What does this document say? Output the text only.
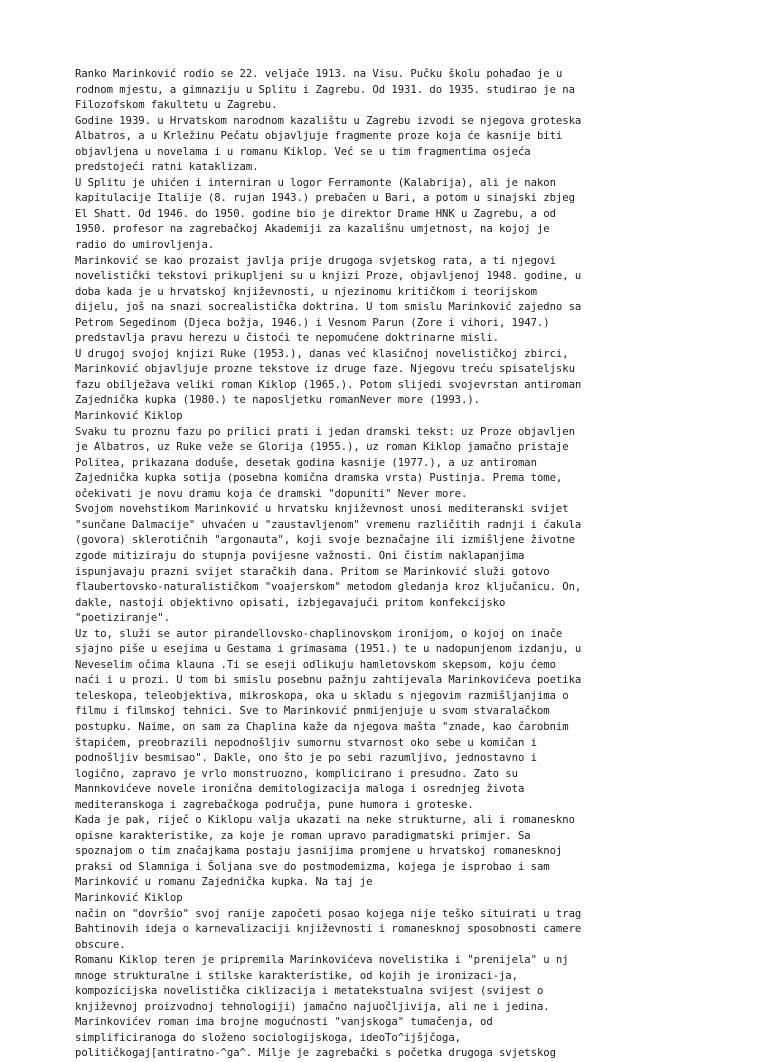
Ranko Marinković rodio se 22. veljače 1913. na Visu. Pučku školu pohađao je u
rodnom mjestu, a gimnaziju u Splitu i Zagrebu. Od 1931. do 1935. studirao je na
Filozofskom fakultetu u Zagrebu.
Godine 1939. u Hrvatskom narodnom kazalištu u Zagrebu izvodi se njegova groteska
Albatros, a u Krležinu Pečatu objavljuje fragmente proze koja će kasnije biti
objavljena u novelama i u romanu Kiklop. Već se u tim fragmentima osjeća
predstojeći ratni kataklizam.
U Splitu je uhićen i interniran u logor Ferramonte (Kalabrija), ali je nakon
kapitulacije Italije (8. rujan 1943.) prebačen u Bari, a potom u sinajski zbjeg
El Shatt. Od 1946. do 1950. godine bio je direktor Drame HNK u Zagrebu, a od
1950. profesor na zagrebačkoj Akademiji za kazališnu umjetnost, na kojoj je
radio do umirovljenja.
Marinković se kao prozaist javlja prije drugoga svjetskog rata, a ti njegovi
novelistički tekstovi prikupljeni su u knjizi Proze, objavljenoj 1948. godine, u
doba kada je u hrvatskoj književnosti, u njezinomu kritičkom i teorijskom
dijelu, još na snazi socrealistička doktrina. U tom smislu Marinković zajedno sa
Petrom Segedinom (Djeca božja, 1946.) i Vesnom Parun (Zore i vihori, 1947.)
predstavlja pravu herezu u čistoći te nepomućene doktrinarne misli.
U drugoj svojoj knjizi Ruke (1953.), danas već klasičnoj novelističkoj zbirci,
Marinković objavljuje prozne tekstove iz druge faze. Njegovu treću spisateljsku
fazu obilježava veliki roman Kiklop (1965.). Potom slijedi svojevrstan antiroman
Zajednička kupka (1980.) te naposljetku romanNever more (1993.).
Marinković Kiklop
Svaku tu proznu fazu po prilici prati i jedan dramski tekst: uz Proze objavljen
je Albatros, uz Ruke veže se Glorija (1955.), uz roman Kiklop jamačno pristaje
Politea, prikazana doduše, desetak godina kasnije (1977.), a uz antiroman
Zajednička kupka sotija (posebna komična dramska vrsta) Pustinja. Prema tome,
očekivati je novu dramu koja će dramski "dopuniti" Never more.
Svojom novehstikom Marinković u hrvatsku književnost unosi mediteranski svijet
"sunčane Dalmacije" uhvaćen u "zaustavljenom" vremenu različitih radnji i ćakula
(govora) sklerotičnih "argonauta", koji svoje beznačajne ili izmišljene životne
zgode mitiziraju do stupnja povijesne važnosti. Oni čistim naklapanjima
ispunjavaju prazni svijet staračkih dana. Pritom se Marinković služi gotovo
flaubertovsko-naturalističkom "voajerskom" metodom gledanja kroz ključanicu. On,
dakle, nastoji objektivno opisati, izbjegavajući pritom konfekcijsko
"poetiziranje".
Uz to, služi se autor pirandellovsko-chaplinovskom ironijom, o kojoj on inače
sjajno piše u esejima u Gestama i grimasama (1951.) te u nadopunjenom izdanju, u
Neveselim očima klauna .Ti se eseji odlikuju hamletovskom skepsom, koju ćemo
naći i u prozi. U tom bi smislu posebnu pažnju zahtijevala Marinkovićeva poetika
teleskopa, teleobjektiva, mikroskopa, oka u skladu s njegovim razmišljanjima o
filmu i filmskoj tehnici. Sve to Marinković pnmijenjuje u svom stvaralačkom
postupku. Naime, on sam za Chaplina kaže da njegova mašta "znade, kao čarobnim
štapićem, preobrazili nepodnošljiv sumornu stvarnost oko sebe u komičan i
podnošljiv besmisao". Dakle, ono što je po sebi razumljivo, jednostavno i
logično, zapravo je vrlo monstruozno, komplicirano i presudno. Zato su
Mannkovićeve novele ironična demitologizacija maloga i osrednjeg života
mediteranskoga i zagrebačkoga područja, pune humora i groteske.
Kada je pak, riječ o Kiklopu valja ukazati na neke strukturne, ali i romaneskno
opisne karakteristike, za koje je roman upravo paradigmatski primjer. Sa
spoznajom o tim značajkama postaju jasnijima promjene u hrvatskoj romanesknoj
praksi od Slamniga i Šoljana sve do postmodemizma, kojega je isprobao i sam
Marinković u romanu Zajednička kupka. Na taj je
Marinković Kiklop
način on "dovršio" svoj ranije započeti posao kojega nije teško situirati u trag
Bahtinovih ideja o karnevalizaciji književnosti i romanesknoj sposobnosti camere
obscure.
Romanu Kiklop teren je pripremila Marinkovićeva novelistika i "prenijela" u nj
mnoge strukturalne i stilske karakteristike, od kojih je ironizaci-ja,
kompozicijska novelistička ciklizacija i metatekstualna svijest (svijest o
književnoj proizvodnoj tehnologiji) jamačno najuočljivija, ali ne i jedina.
Marinkovićev roman ima brojne mogućnosti "vanjskoga" tumačenja, od
simplificiranoga do složeno sociologijskoga, ideoTo^ijšjčoga,
političkogaj[antiratno-^ga^. Milje je zagrebački s početka drugoga svjetskog
